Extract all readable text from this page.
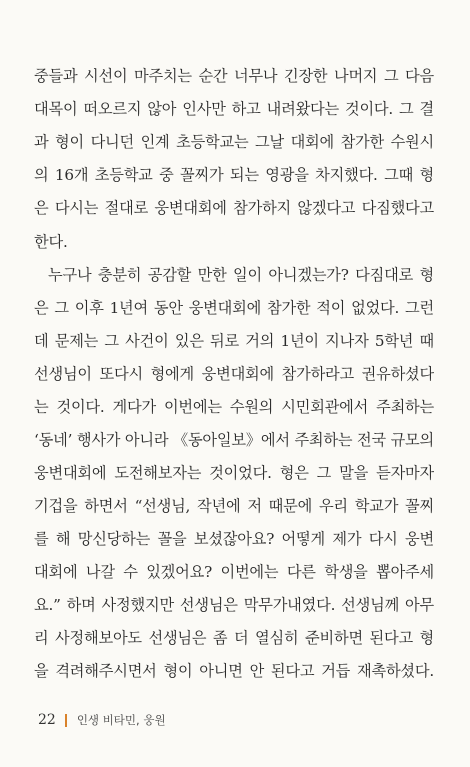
중들과 시선이 마주치는 순간 너무나 긴장한 나머지 그 다음
대목이 떠오르지 않아 인사만 하고 내려왔다는 것이다. 그 결
과 형이 다니던 인계 초등학교는 그날 대회에 참가한 수원시
의 16개 초등학교 중 꼴찌가 되는 영광을 차지했다. 그때 형
은 다시는 절대로 웅변대회에 참가하지 않겠다고 다짐했다고
한다.
누구나 충분히 공감할 만한 일이 아니겠는가? 다짐대로 형
은 그 이후 1년여 동안 웅변대회에 참가한 적이 없었다. 그런
데 문제는 그 사건이 있은 뒤로 거의 1년이 지나자 5학년 때
선생님이 또다시 형에게 웅변대회에 참가하라고 권유하셨다
는 것이다. 게다가 이번에는 수원의 시민회관에서 주최하는
‘동네’ 행사가 아니라 《동아일보》에서 주최하는 전국 규모의
웅변대회에 도전해보자는 것이었다. 형은 그 말을 듣자마자
기겁을 하면서 “선생님, 작년에 저 때문에 우리 학교가 꼴찌
를 해 망신당하는 꼴을 보셨잖아요? 어떻게 제가 다시 웅변
대회에 나갈 수 있겠어요? 이번에는 다른 학생을 뽑아주세
요.” 하며 사정했지만 선생님은 막무가내였다. 선생님께 아무
리 사정해보아도 선생님은 좀 더 열심히 준비하면 된다고 형
을 격려해주시면서 형이 아니면 안 된다고 거듭 재촉하셨다.
22 인생 비타민, 웅원
